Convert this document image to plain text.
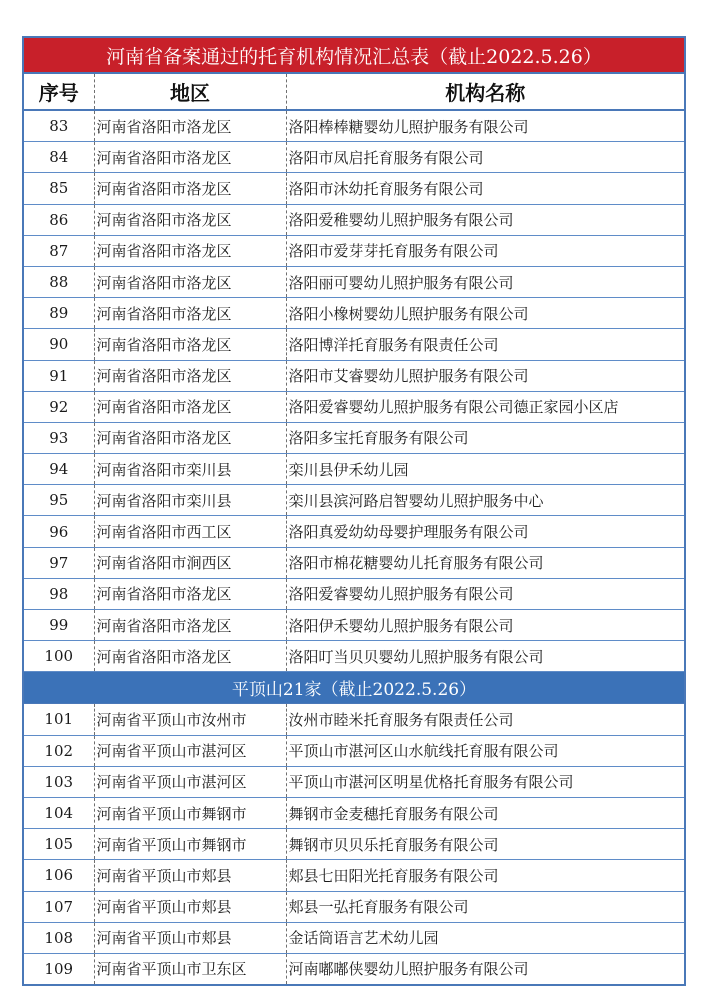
河南省备案通过的托育机构情况汇总表（截止2022.5.26）
序号	地区	机构名称
83	河南省洛阳市洛龙区	洛阳棒棒糖婴幼儿照护服务有限公司
84	河南省洛阳市洛龙区	洛阳市凤启托育服务有限公司
85	河南省洛阳市洛龙区	洛阳市沐幼托育服务有限公司
86	河南省洛阳市洛龙区	洛阳爱稚婴幼儿照护服务有限公司
87	河南省洛阳市洛龙区	洛阳市爱芽芽托育服务有限公司
88	河南省洛阳市洛龙区	洛阳丽可婴幼儿照护服务有限公司
89	河南省洛阳市洛龙区	洛阳小橡树婴幼儿照护服务有限公司
90	河南省洛阳市洛龙区	洛阳博洋托育服务有限责任公司
91	河南省洛阳市洛龙区	洛阳市艾睿婴幼儿照护服务有限公司
92	河南省洛阳市洛龙区	洛阳爱睿婴幼儿照护服务有限公司德正家园小区店
93	河南省洛阳市洛龙区	洛阳多宝托育服务有限公司
94	河南省洛阳市栾川县	栾川县伊禾幼儿园
95	河南省洛阳市栾川县	栾川县滨河路启智婴幼儿照护服务中心
96	河南省洛阳市西工区	洛阳真爱幼幼母婴护理服务有限公司
97	河南省洛阳市涧西区	洛阳市棉花糖婴幼儿托育服务有限公司
98	河南省洛阳市洛龙区	洛阳爱睿婴幼儿照护服务有限公司
99	河南省洛阳市洛龙区	洛阳伊禾婴幼儿照护服务有限公司
100	河南省洛阳市洛龙区	洛阳叮当贝贝婴幼儿照护服务有限公司
平顶山21家（截止2022.5.26）		
101	河南省平顶山市汝州市	汝州市睦米托育服务有限责任公司
102	河南省平顶山市湛河区	平顶山市湛河区山水航线托育服有限公司
103	河南省平顶山市湛河区	平顶山市湛河区明星优格托育服务有限公司
104	河南省平顶山市舞钢市	舞钢市金麦穗托育服务有限公司
105	河南省平顶山市舞钢市	舞钢市贝贝乐托育服务有限公司
106	河南省平顶山市郏县	郏县七田阳光托育服务有限公司
107	河南省平顶山市郏县	郏县一弘托育服务有限公司
108	河南省平顶山市郏县	金话筒语言艺术幼儿园
109	河南省平顶山市卫东区	河南嘟嘟侠婴幼儿照护服务有限公司
